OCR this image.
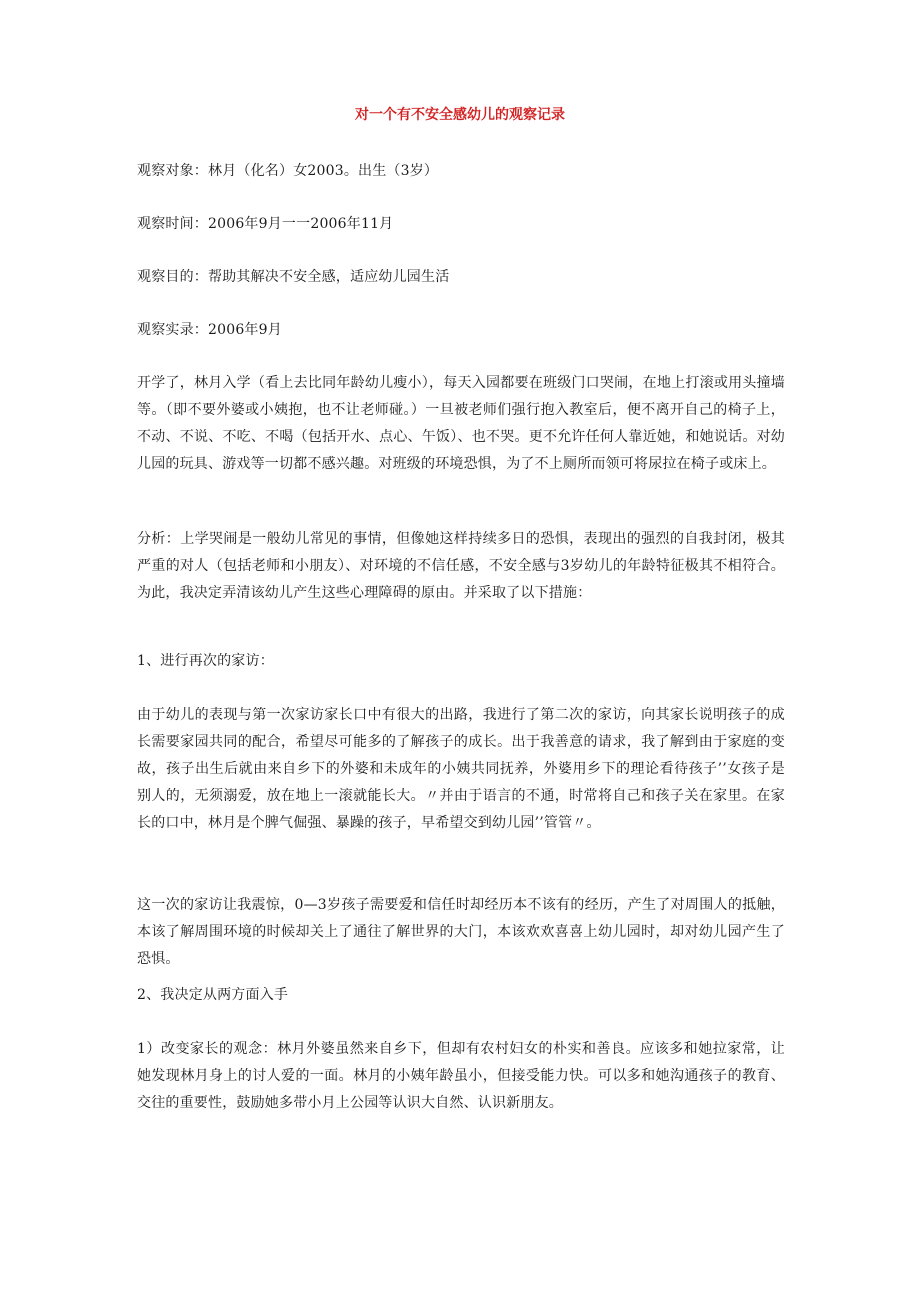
对一个有不安全感幼儿的观察记录

观察对象：林月（化名）女2003。出生（3岁）

观察时间：2006年9月一一2006年11月

观察目的：帮助其解决不安全感，适应幼儿园生活

观察实录：2006年9月

开学了，林月入学（看上去比同年龄幼儿瘦小），每天入园都要在班级门口哭闹，在地上打滚或用头撞墙等。（即不要外婆或小姨抱，也不让老师碰。）一旦被老师们强行抱入教室后，便不离开自己的椅子上，不动、不说、不吃、不喝（包括开水、点心、午饭）、也不哭。更不允许任何人靠近她，和她说话。对幼儿园的玩具、游戏等一切都不感兴趣。对班级的环境恐惧，为了不上厕所而领可将尿拉在椅子或床上。

分析：上学哭闹是一般幼儿常见的事情，但像她这样持续多日的恐惧，表现出的强烈的自我封闭，极其严重的对人（包括老师和小朋友）、对环境的不信任感，不安全感与3岁幼儿的年龄特征极其不相符合。为此，我决定弄清该幼儿产生这些心理障碍的原由。并采取了以下措施：

1、进行再次的家访：

由于幼儿的表现与第一次家访家长口中有很大的出路，我进行了第二次的家访，向其家长说明孩子的成长需要家园共同的配合，希望尽可能多的了解孩子的成长。出于我善意的请求，我了解到由于家庭的变故，孩子出生后就由来自乡下的外婆和未成年的小姨共同抚养，外婆用乡下的理论看待孩子’’女孩子是别人的，无须溺爱，放在地上一滚就能长大。〃并由于语言的不通，时常将自己和孩子关在家里。在家长的口中，林月是个脾气倔强、暴躁的孩子，早希望交到幼儿园’’管管〃。

这一次的家访让我震惊，0—3岁孩子需要爱和信任时却经历本不该有的经历，产生了对周围人的抵触，本该了解周围环境的时候却关上了通往了解世界的大门，本该欢欢喜喜上幼儿园时，却对幼儿园产生了恐惧。

2、我决定从两方面入手

1）改变家长的观念：林月外婆虽然来自乡下，但却有农村妇女的朴实和善良。应该多和她拉家常，让她发现林月身上的讨人爱的一面。林月的小姨年龄虽小，但接受能力快。可以多和她沟通孩子的教育、交往的重要性，鼓励她多带小月上公园等认识大自然、认识新朋友。
